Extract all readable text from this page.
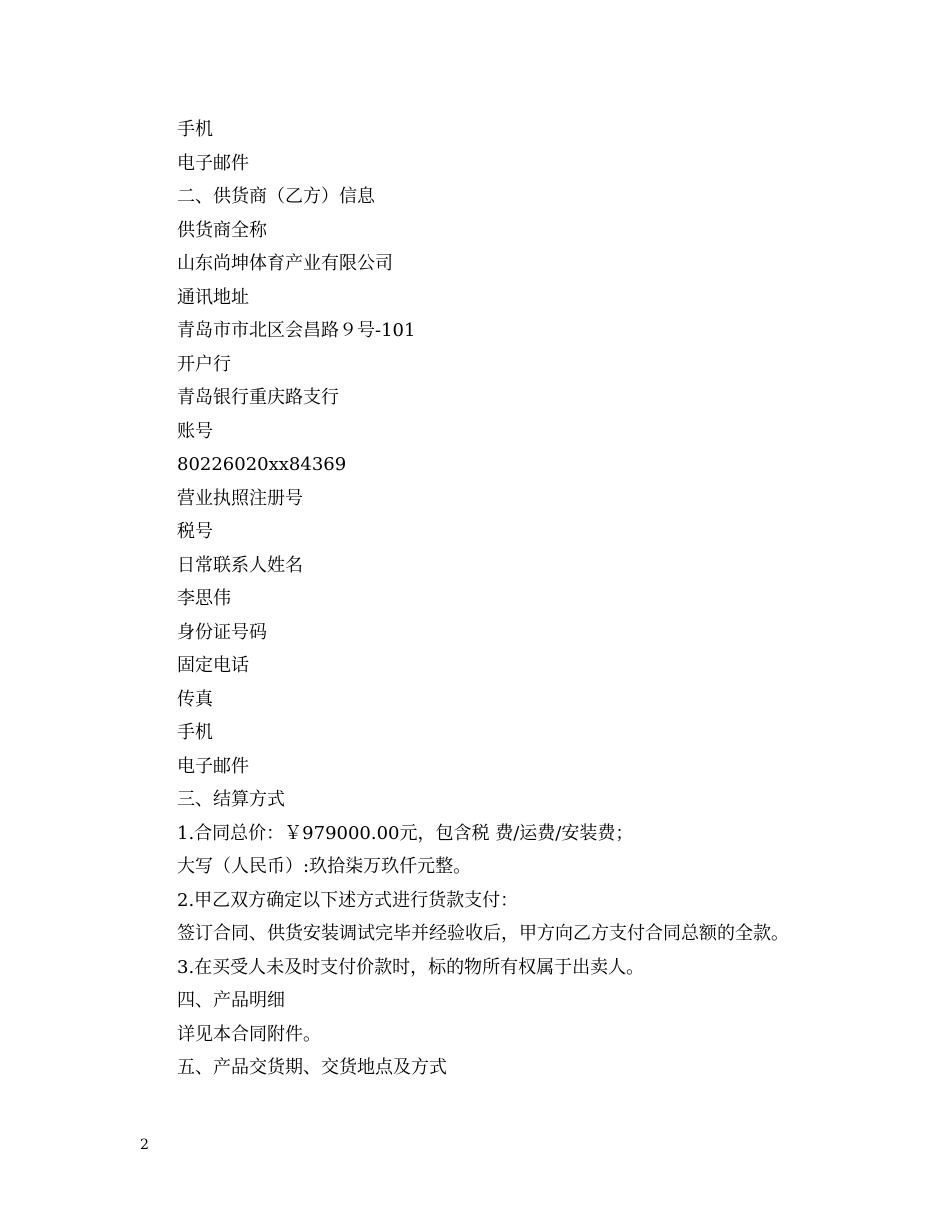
手机
电子邮件
二、供货商（乙方）信息
供货商全称
山东尚坤体育产业有限公司
通讯地址
青岛市市北区会昌路９号-101
开户行
青岛银行重庆路支行
账号
80226020xx84369
营业执照注册号
税号
日常联系人姓名
李思伟
身份证号码
固定电话
传真
手机
电子邮件
三、结算方式
1.合同总价：￥979000.00元，包含税 费/运费/安装费；
大写（人民币）:玖拾柒万玖仟元整。
2.甲乙双方确定以下述方式进行货款支付：
签订合同、供货安装调试完毕并经验收后，甲方向乙方支付合同总额的全款。
3.在买受人未及时支付价款时，标的物所有权属于出卖人。
四、产品明细
详见本合同附件。
五、产品交货期、交货地点及方式
2
